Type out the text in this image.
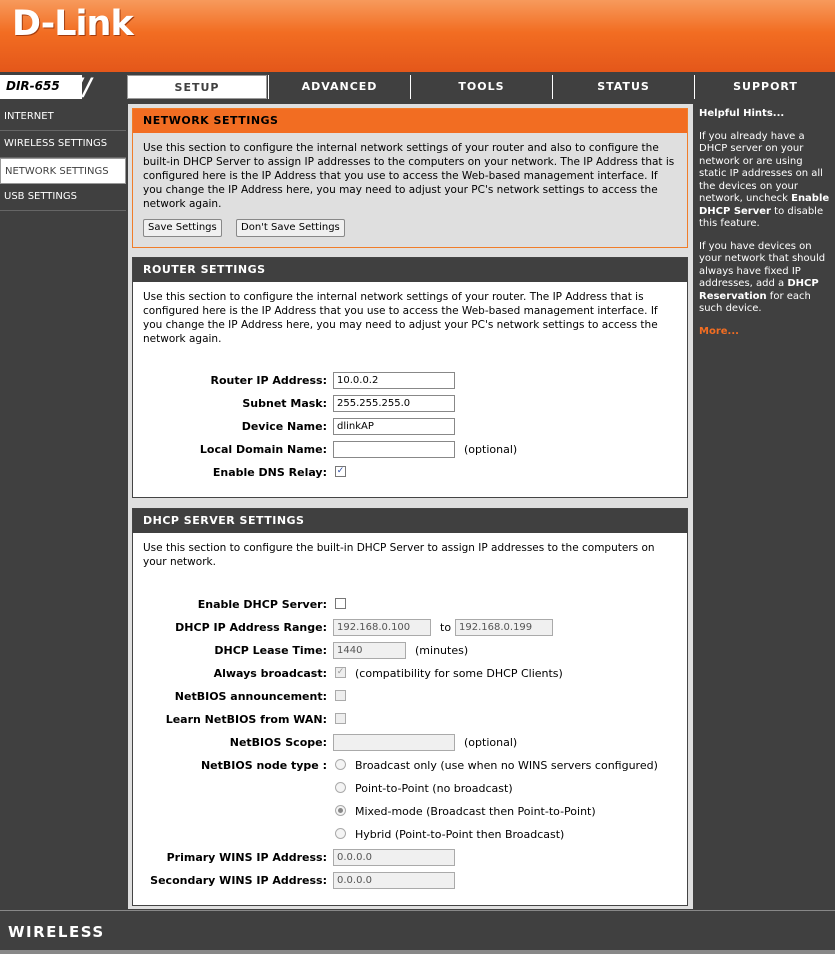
D-Link
DIR-655 / / /	SETUP	ADVANCED	TOOLS	STATUS	SUPPORT
INTERNET
WIRELESS SETTINGS
NETWORK SETTINGS
USB SETTINGS
NETWORK SETTINGS
Use this section to configure the internal network settings of your router and also to configure the built-in DHCP Server to assign IP addresses to the computers on your network. The IP Address that is configured here is the IP Address that you use to access the Web-based management interface. If you change the IP Address here, you may need to adjust your PC's network settings to access the network again.
Save Settings	Don't Save Settings
ROUTER SETTINGS
Use this section to configure the internal network settings of your router. The IP Address that is configured here is the IP Address that you use to access the Web-based management interface. If you change the IP Address here, you may need to adjust your PC's network settings to access the network again.
Router IP Address:	10.0.0.2
Subnet Mask:	255.255.255.0
Device Name:	dlinkAP
Local Domain Name:	(optional)
Enable DNS Relay: ✓
DHCP SERVER SETTINGS
Use this section to configure the built-in DHCP Server to assign IP addresses to the computers on your network.
Enable DHCP Server:
DHCP IP Address Range:	192.168.0.100	to 192.168.0.199
DHCP Lease Time:	1440	(minutes)
Always broadcast: ✓ (compatibility for some DHCP Clients)
NetBIOS announcement:
Learn NetBIOS from WAN:
NetBIOS Scope:	(optional)
NetBIOS node type :	Broadcast only (use when no WINS servers configured)
Point-to-Point (no broadcast)
Mixed-mode (Broadcast then Point-to-Point)
Hybrid (Point-to-Point then Broadcast)
Primary WINS IP Address:	0.0.0.0
Secondary WINS IP Address:	0.0.0.0
Helpful Hints...

If you already have a DHCP server on your network or are using static IP addresses on all the devices on your network, uncheck Enable DHCP Server to disable this feature.

If you have devices on your network that should always have fixed IP addresses, add a DHCP Reservation for each such device.

More...
WIRELESS
